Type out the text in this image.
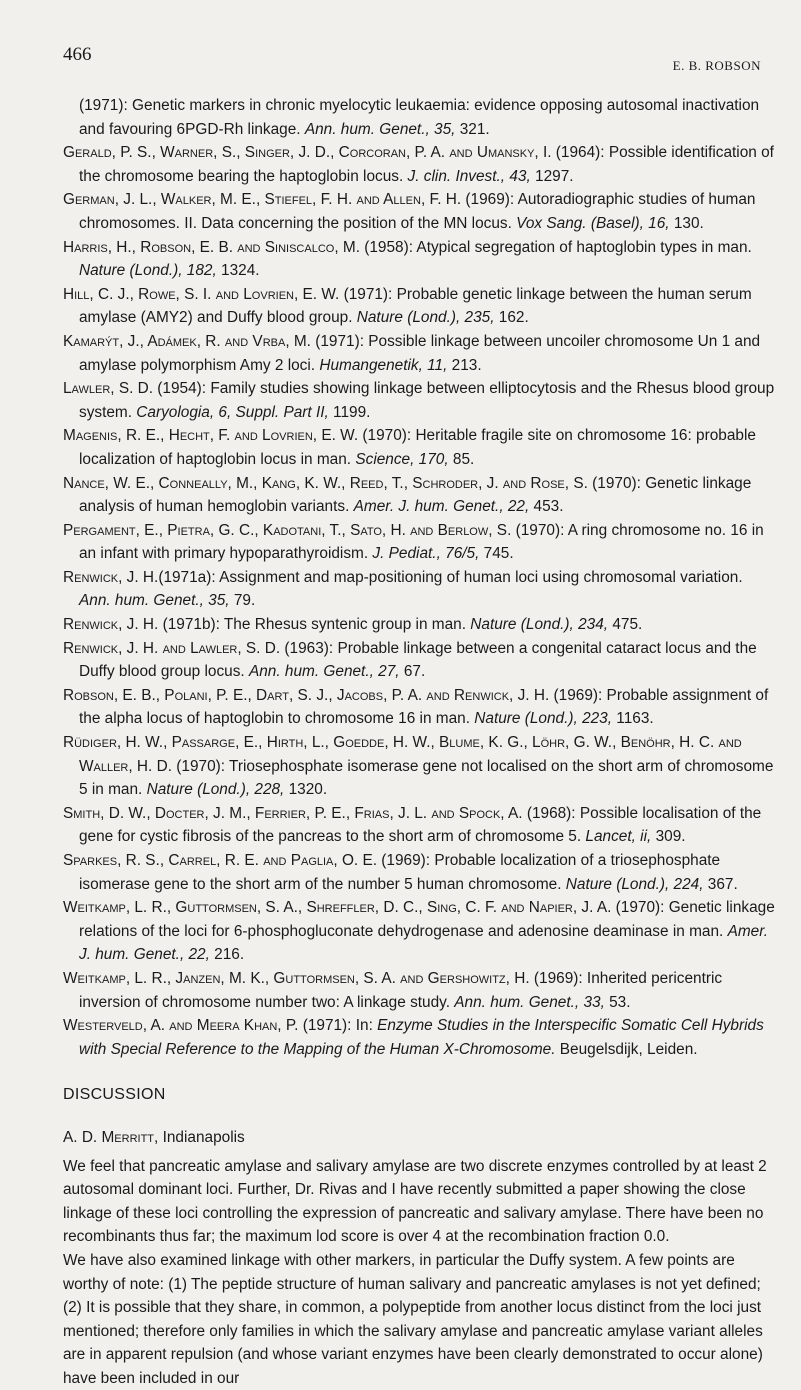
466
E. B. ROBSON

(1971): Genetic markers in chronic myelocytic leukaemia: evidence opposing autosomal inactivation and favouring 6PGD-Rh linkage. Ann. hum. Genet., 35, 321.

Gerald, P. S., Warner, S., Singer, J. D., Corcoran, P. A. and Umansky, I. (1964): Possible identification of the chromosome bearing the haptoglobin locus. J. clin. Invest., 43, 1297.

German, J. L., Walker, M. E., Stiefel, F. H. and Allen, F. H. (1969): Autoradiographic studies of human chromosomes. II. Data concerning the position of the MN locus. Vox Sang. (Basel), 16, 130.

Harris, H., Robson, E. B. and Siniscalco, M. (1958): Atypical segregation of haptoglobin types in man. Nature (Lond.), 182, 1324.

Hill, C. J., Rowe, S. I. and Lovrien, E. W. (1971): Probable genetic linkage between the human serum amylase (AMY2) and Duffy blood group. Nature (Lond.), 235, 162.

Kamarýt, J., Adámek, R. and Vrba, M. (1971): Possible linkage between uncoiler chromosome Un 1 and amylase polymorphism Amy 2 loci. Humangenetik, 11, 213.

Lawler, S. D. (1954): Family studies showing linkage between elliptocytosis and the Rhesus blood group system. Caryologia, 6, Suppl. Part II, 1199.

Magenis, R. E., Hecht, F. and Lovrien, E. W. (1970): Heritable fragile site on chromosome 16: probable localization of haptoglobin locus in man. Science, 170, 85.

Nance, W. E., Conneally, M., Kang, K. W., Reed, T., Schroder, J. and Rose, S. (1970): Genetic linkage analysis of human hemoglobin variants. Amer. J. hum. Genet., 22, 453.

Pergament, E., Pietra, G. C., Kadotani, T., Sato, H. and Berlow, S. (1970): A ring chromosome no. 16 in an infant with primary hypoparathyroidism. J. Pediat., 76/5, 745.

Renwick, J. H.(1971a): Assignment and map-positioning of human loci using chromosomal variation. Ann. hum. Genet., 35, 79.

Renwick, J. H. (1971b): The Rhesus syntenic group in man. Nature (Lond.), 234, 475.

Renwick, J. H. and Lawler, S. D. (1963): Probable linkage between a congenital cataract locus and the Duffy blood group locus. Ann. hum. Genet., 27, 67.

Robson, E. B., Polani, P. E., Dart, S. J., Jacobs, P. A. and Renwick, J. H. (1969): Probable assignment of the alpha locus of haptoglobin to chromosome 16 in man. Nature (Lond.), 223, 1163.

Rüdiger, H. W., Passarge, E., Hirth, L., Goedde, H. W., Blume, K. G., Löhr, G. W., Benöhr, H. C. and Waller, H. D. (1970): Triosephosphate isomerase gene not localised on the short arm of chromosome 5 in man. Nature (Lond.), 228, 1320.

Smith, D. W., Docter, J. M., Ferrier, P. E., Frias, J. L. and Spock, A. (1968): Possible localisation of the gene for cystic fibrosis of the pancreas to the short arm of chromosome 5. Lancet, ii, 309.

Sparkes, R. S., Carrel, R. E. and Paglia, O. E. (1969): Probable localization of a triosephosphate isomerase gene to the short arm of the number 5 human chromosome. Nature (Lond.), 224, 367.

Weitkamp, L. R., Guttormsen, S. A., Shreffler, D. C., Sing, C. F. and Napier, J. A. (1970): Genetic linkage relations of the loci for 6-phosphogluconate dehydrogenase and adenosine deaminase in man. Amer. J. hum. Genet., 22, 216.

Weitkamp, L. R., Janzen, M. K., Guttormsen, S. A. and Gershowitz, H. (1969): Inherited pericentric inversion of chromosome number two: A linkage study. Ann. hum. Genet., 33, 53.

Westerveld, A. and Meera Khan, P. (1971): In: Enzyme Studies in the Interspecific Somatic Cell Hybrids with Special Reference to the Mapping of the Human X-Chromosome. Beugelsdijk, Leiden.

DISCUSSION

A. D. Merritt, Indianapolis

We feel that pancreatic amylase and salivary amylase are two discrete enzymes controlled by at least 2 autosomal dominant loci. Further, Dr. Rivas and I have recently submitted a paper showing the close linkage of these loci controlling the expression of pancreatic and salivary amylase. There have been no recombinants thus far; the maximum lod score is over 4 at the recombination fraction 0.0.

We have also examined linkage with other markers, in particular the Duffy system. A few points are worthy of note: (1) The peptide structure of human salivary and pancreatic amylases is not yet defined; (2) It is possible that they share, in common, a polypeptide from another locus distinct from the loci just mentioned; therefore only families in which the salivary amylase and pancreatic amylase variant alleles are in apparent repulsion (and whose variant enzymes have been clearly demonstrated to occur alone) have been included in our
